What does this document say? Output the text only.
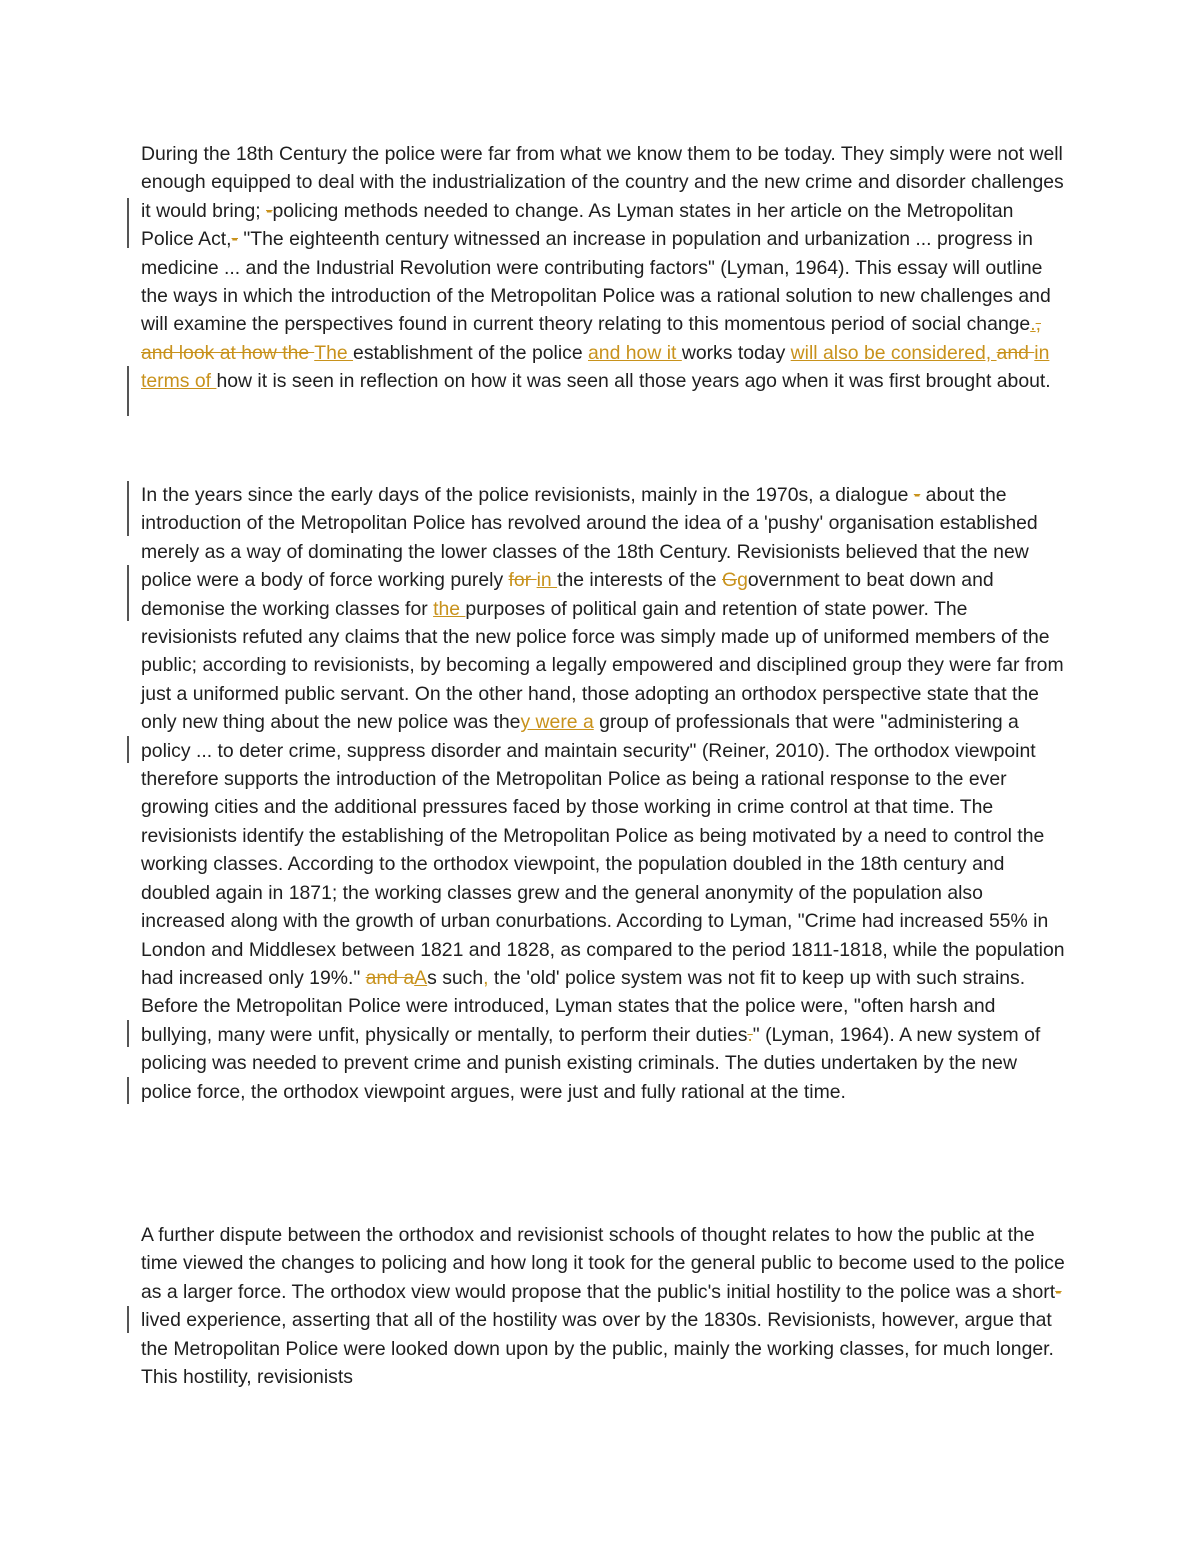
During the 18th Century the police were far from what we know them to be today. They simply were not well enough equipped to deal with the industrialization of the country and the new crime and disorder challenges it would bring; -policing methods needed to change. As Lyman states in her article on the Metropolitan Police Act,- "The eighteenth century witnessed an increase in population and urbanization ... progress in medicine ... and the Industrial Revolution were contributing factors" (Lyman, 1964). This essay will outline the ways in which the introduction of the Metropolitan Police was a rational solution to new challenges and will examine the perspectives found in current theory relating to this momentous period of social change., and look at how the The establishment of the police and how it works today will also be considered, and in terms of how it is seen in reflection on how it was seen all those years ago when it was first brought about.

In the years since the early days of the police revisionists, mainly in the 1970s, a dialogue - about the introduction of the Metropolitan Police has revolved around the idea of a 'pushy' organisation established merely as a way of dominating the lower classes of the 18th Century. Revisionists believed that the new police were a body of force working purely for in the interests of the Ggovernment to beat down and demonise the working classes for the purposes of political gain and retention of state power. The revisionists refuted any claims that the new police force was simply made up of uniformed members of the public; according to revisionists, by becoming a legally empowered and disciplined group they were far from just a uniformed public servant. On the other hand, those adopting an orthodox perspective state that the only new thing about the new police was they were a group of professionals that were "administering a policy ... to deter crime, suppress disorder and maintain security" (Reiner, 2010). The orthodox viewpoint therefore supports the introduction of the Metropolitan Police as being a rational response to the ever growing cities and the additional pressures faced by those working in crime control at that time. The revisionists identify the establishing of the Metropolitan Police as being motivated by a need to control the working classes. According to the orthodox viewpoint, the population doubled in the 18th century and doubled again in 1871; the working classes grew and the general anonymity of the population also increased along with the growth of urban conurbations. According to Lyman, "Crime had increased 55% in London and Middlesex between 1821 and 1828, as compared to the period 1811-1818, while the population had increased only 19%." and aAs such, the 'old' police system was not fit to keep up with such strains. Before the Metropolitan Police were introduced, Lyman states that the police were, "often harsh and bullying, many were unfit, physically or mentally, to perform their duties." (Lyman, 1964). A new system of policing was needed to prevent crime and punish existing criminals. The duties undertaken by the new police force, the orthodox viewpoint argues, were just and fully rational at the time.

A further dispute between the orthodox and revisionist schools of thought relates to how the public at the time viewed the changes to policing and how long it took for the general public to become used to the police as a larger force. The orthodox view would propose that the public's initial hostility to the police was a short- lived experience, asserting that all of the hostility was over by the 1830s. Revisionists, however, argue that the Metropolitan Police were looked down upon by the public, mainly the working classes, for much longer. This hostility, revisionists
